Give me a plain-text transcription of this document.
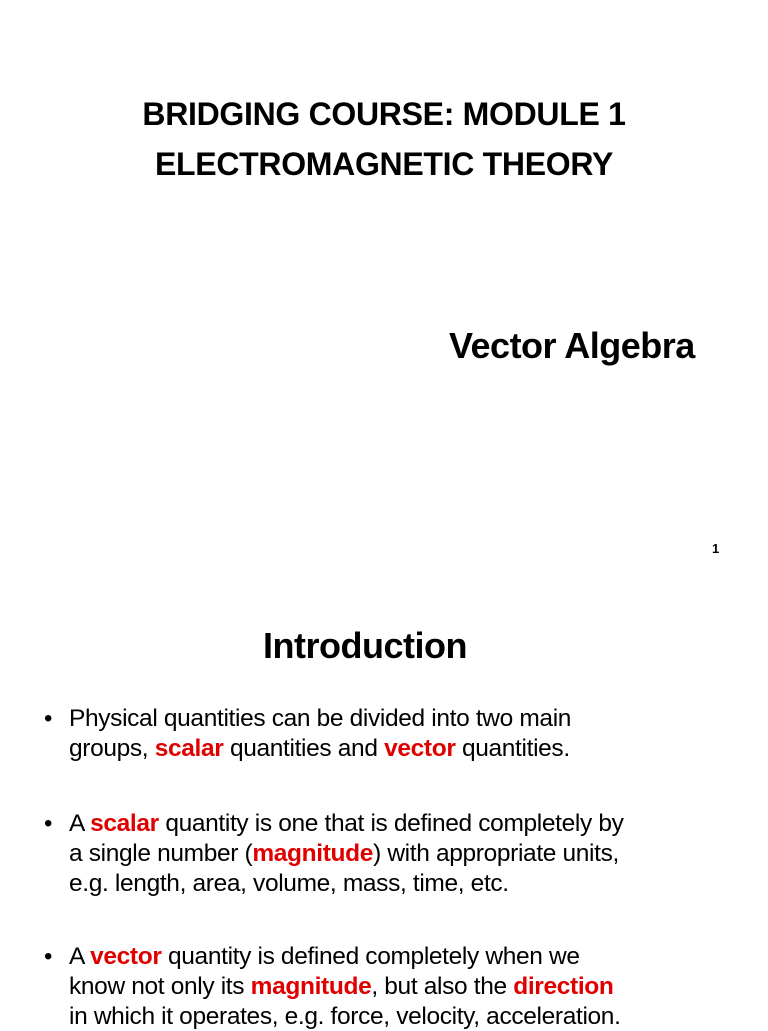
BRIDGING COURSE: MODULE 1
ELECTROMAGNETIC THEORY
Vector Algebra
1
Introduction
• Physical quantities can be divided into two main
groups, scalar quantities and vector quantities.
• A scalar quantity is one that is defined completely by
a single number (magnitude) with appropriate units,
e.g. length, area, volume, mass, time, etc.
• A vector quantity is defined completely when we
know not only its magnitude, but also the direction
in which it operates, e.g. force, velocity, acceleration.
